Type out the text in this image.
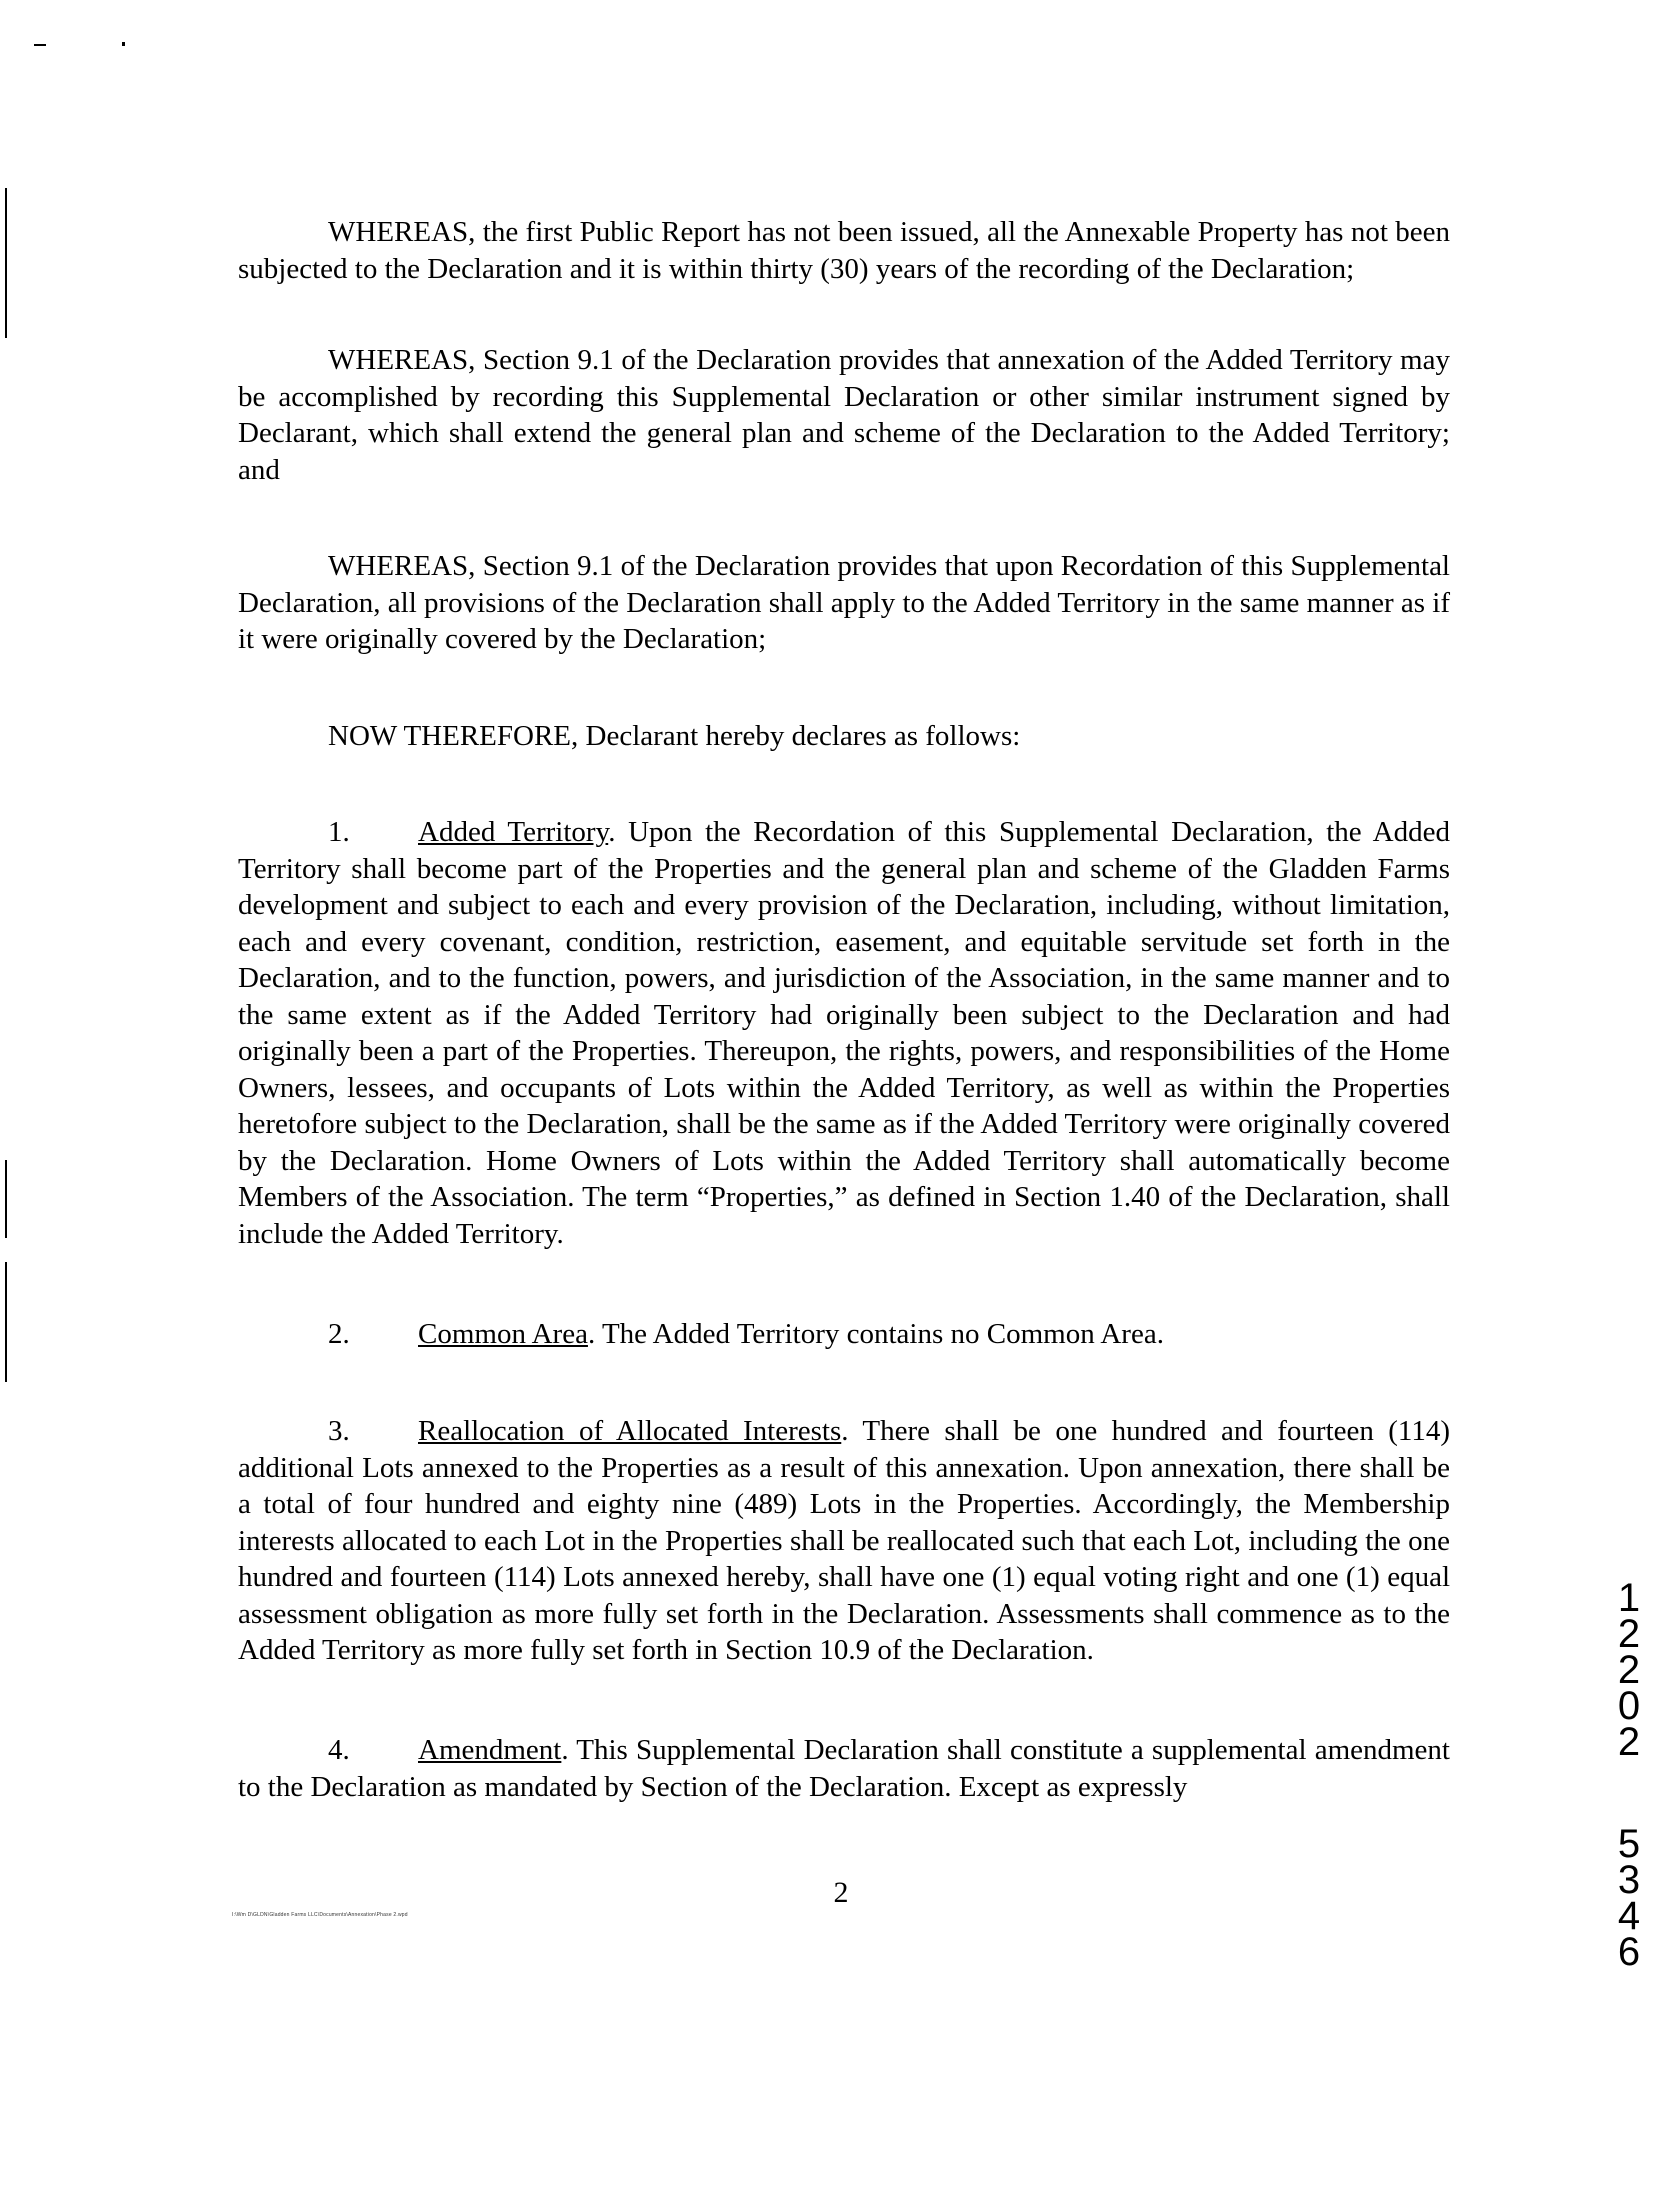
WHEREAS, the first Public Report has not been issued, all the Annexable Property has not been subjected to the Declaration and it is within thirty (30) years of the recording of the Declaration;

WHEREAS, Section 9.1 of the Declaration provides that annexation of the Added Territory may be accomplished by recording this Supplemental Declaration or other similar instrument signed by Declarant, which shall extend the general plan and scheme of the Declaration to the Added Territory; and

WHEREAS, Section 9.1 of the Declaration provides that upon Recordation of this Supplemental Declaration, all provisions of the Declaration shall apply to the Added Territory in the same manner as if it were originally covered by the Declaration;

NOW THEREFORE, Declarant hereby declares as follows:

1. Added Territory. Upon the Recordation of this Supplemental Declaration, the Added Territory shall become part of the Properties and the general plan and scheme of the Gladden Farms development and subject to each and every provision of the Declaration, including, without limitation, each and every covenant, condition, restriction, easement, and equitable servitude set forth in the Declaration, and to the function, powers, and jurisdiction of the Association, in the same manner and to the same extent as if the Added Territory had originally been subject to the Declaration and had originally been a part of the Properties. Thereupon, the rights, powers, and responsibilities of the Home Owners, lessees, and occupants of Lots within the Added Territory, as well as within the Properties heretofore subject to the Declaration, shall be the same as if the Added Territory were originally covered by the Declaration. Home Owners of Lots within the Added Territory shall automatically become Members of the Association. The term “Properties,” as defined in Section 1.40 of the Declaration, shall include the Added Territory.

2. Common Area. The Added Territory contains no Common Area.

3. Reallocation of Allocated Interests. There shall be one hundred and fourteen (114) additional Lots annexed to the Properties as a result of this annexation. Upon annexation, there shall be a total of four hundred and eighty nine (489) Lots in the Properties. Accordingly, the Membership interests allocated to each Lot in the Properties shall be reallocated such that each Lot, including the one hundred and fourteen (114) Lots annexed hereby, shall have one (1) equal voting right and one (1) equal assessment obligation as more fully set forth in the Declaration. Assessments shall commence as to the Added Territory as more fully set forth in Section 10.9 of the Declaration.

4. Amendment. This Supplemental Declaration shall constitute a supplemental amendment to the Declaration as mandated by Section of the Declaration. Except as expressly

2

I:\Wm D\GLDN\Gladden Farms LLC\Documents\Annexation\Phase 2.wpd

1
2
2
0
2
5
3
4
6
